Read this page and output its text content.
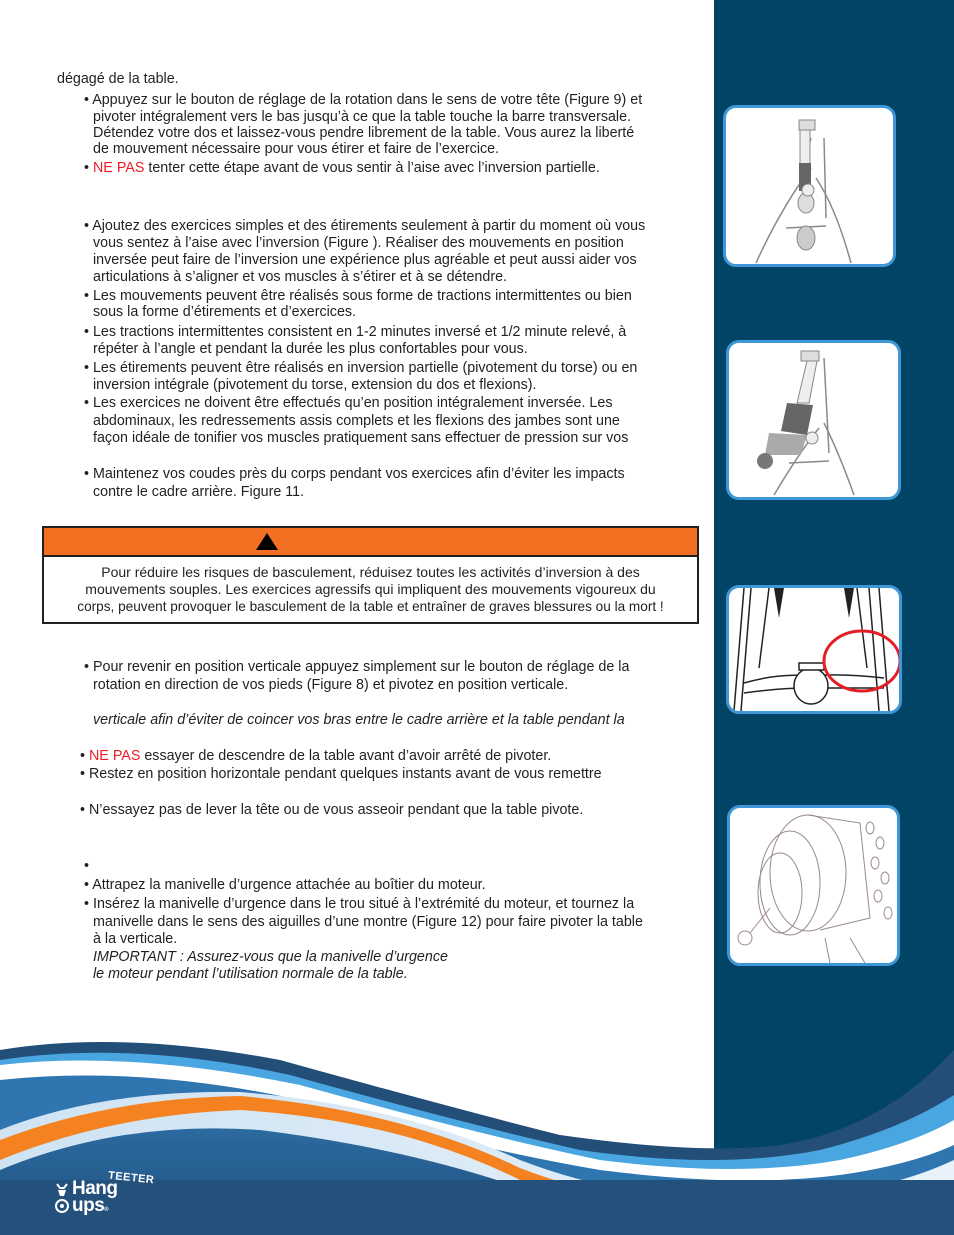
dégagé de la table.
• Appuyez sur le bouton de réglage de la rotation dans le sens de votre tête (Figure 9) et
pivoter intégralement vers le bas jusqu’à ce que la table touche la barre transversale.
Détendez votre dos et laissez-vous pendre librement de la table. Vous aurez la liberté
de mouvement nécessaire pour vous étirer et faire de l’exercice.
• NE PAS tenter cette étape avant de vous sentir à l’aise avec l’inversion partielle.
• Ajoutez des exercices simples et des étirements seulement à partir du moment où vous
vous sentez à l’aise avec l’inversion (Figure ). Réaliser des mouvements en position
inversée peut faire de l’inversion une expérience plus agréable et peut aussi aider vos
articulations à s’aligner et vos muscles à s’étirer et à se détendre.
• Les mouvements peuvent être réalisés sous forme de tractions intermittentes ou bien
sous la forme d’étirements et d’exercices.
• Les tractions intermittentes consistent en 1-2 minutes inversé et 1/2 minute relevé, à
répéter à l’angle et pendant la durée les plus confortables pour vous.
• Les étirements peuvent être réalisés en inversion partielle (pivotement du torse) ou en
inversion intégrale (pivotement du torse, extension du dos et flexions).
• Les exercices ne doivent être effectués qu’en position intégralement inversée. Les
abdominaux, les redressements assis complets et les flexions des jambes sont une
façon idéale de tonifier vos muscles pratiquement sans effectuer de pression sur vos
• Maintenez vos coudes près du corps pendant vos exercices afin d’éviter les impacts
contre le cadre arrière. Figure 11.
Pour réduire les risques de basculement, réduisez toutes les activités d’inversion à des
mouvements souples. Les exercices agressifs qui impliquent des mouvements vigoureux du
corps, peuvent provoquer le basculement de la table et entraîner de graves blessures ou la mort !
• Pour revenir en position verticale appuyez simplement sur le bouton de réglage de la
rotation en direction de vos pieds (Figure 8) et pivotez en position verticale.
verticale afin d’éviter de coincer vos bras entre le cadre arrière et la table pendant la
• NE PAS essayer de descendre de la table avant d’avoir arrêté de pivoter.
• Restez en position horizontale pendant quelques instants avant de vous remettre
• N’essayez pas de lever la tête ou de vous asseoir pendant que la table pivote.
•
• Attrapez la manivelle d’urgence attachée au boîtier du moteur.
• Insérez la manivelle d’urgence dans le trou situé à l’extrémité du moteur, et tournez la
manivelle dans le sens des aiguilles d’une montre (Figure 12) pour faire pivoter la table
à la verticale.
IMPORTANT : Assurez-vous que la manivelle d’urgence
le moteur pendant l’utilisation normale de la table.
TEETER
Hang
ups®
